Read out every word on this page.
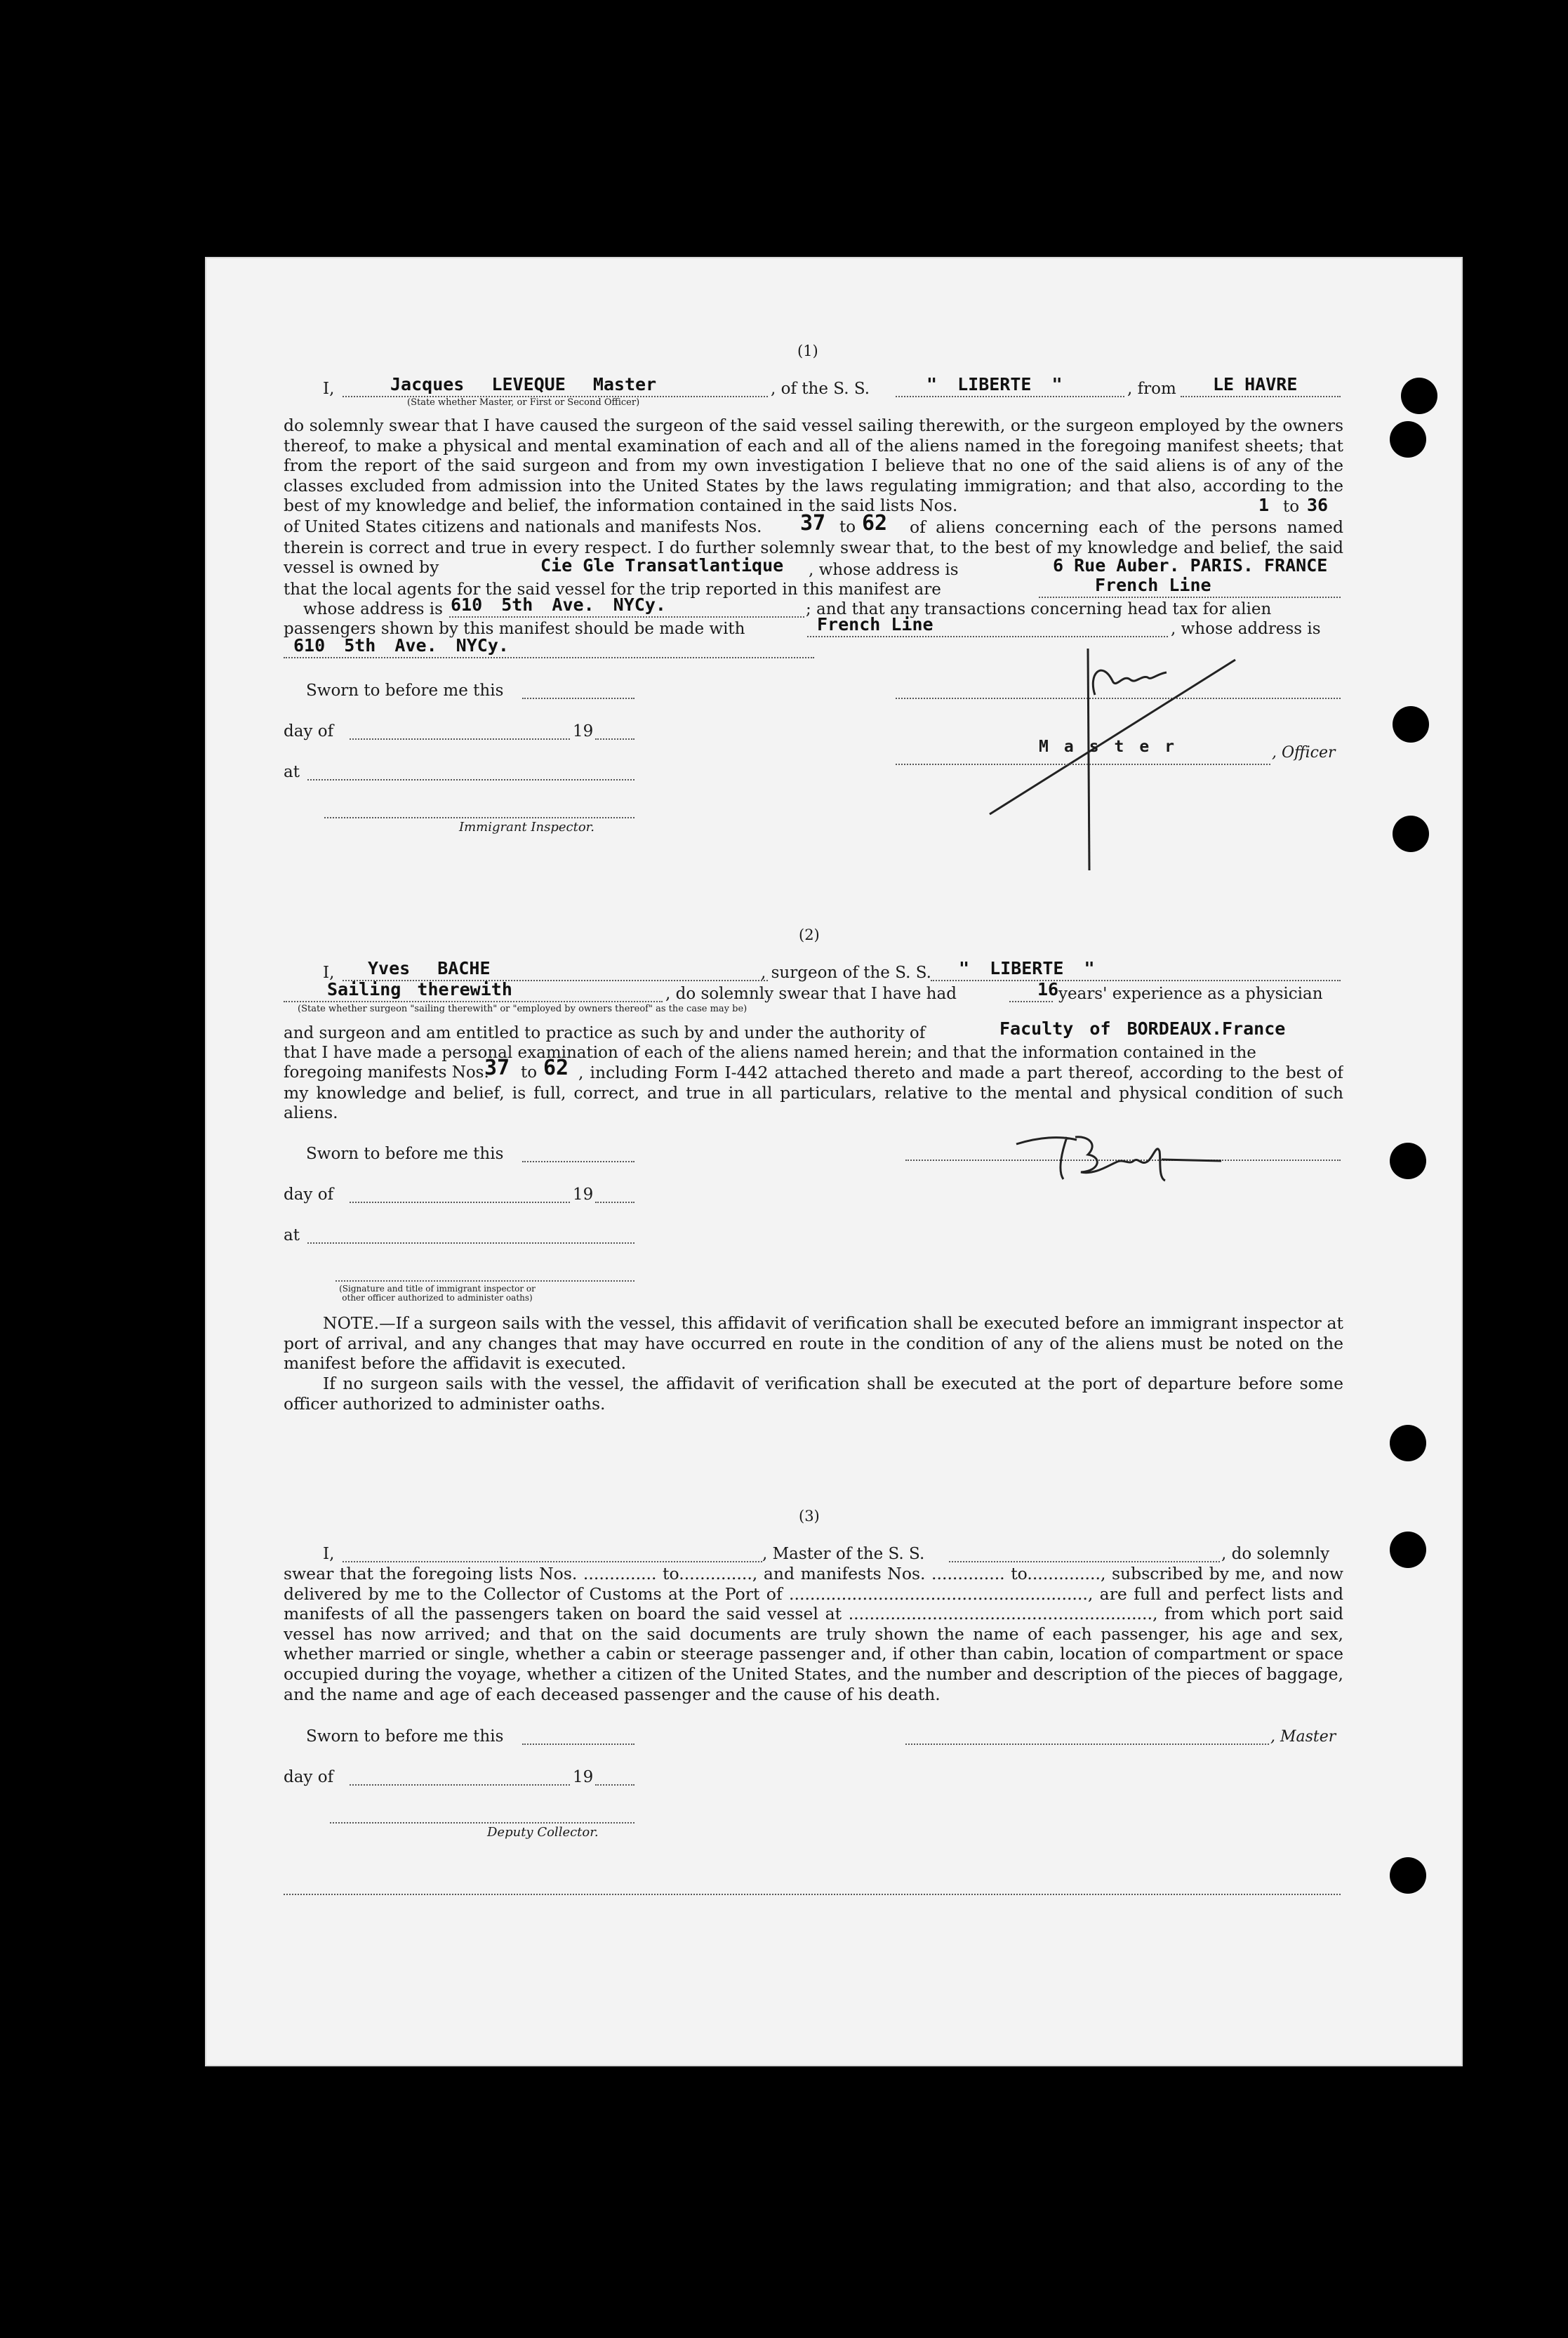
(1)
I,	Jacques LEVEQUE Master
(State whether Master, or First or Second Officer)
, of the S. S.	" LIBERTE "	, from LE HAVRE
do solemnly swear that I have caused the surgeon of the said vessel sailing therewith, or the surgeon employed by the owners thereof, to make a physical and mental examination of each and all of the aliens named in the foregoing manifest sheets; that from the report of the said surgeon and from my own investigation I believe that no one of the said aliens is of any of the classes excluded from admission into the United States by the laws regulating immigration; and that also, according to the best of my knowledge and belief, the information contained in the said lists Nos.	1 to 36
of United States citizens and nationals and manifests Nos. 37 to 62	of aliens concerning each of the persons named therein is correct and true in every respect. I do further solemnly swear that, to the best of my knowledge and belief, the said vessel is owned by	Cie Gle Transatlantique , whose address is	6 Rue Auber. PARIS. FRANCE
that the local agents for the said vessel for the trip reported in this manifest are	French Line
whose address is 610 5th Ave. NYCy.	; and that any transactions concerning head tax for alien
passengers shown by this manifest should be made with	French Line	, whose address is
610 5th Ave. NYCy.
Sworn to before me this
day of	19
at
Immigrant Inspector.
Master	, Officer
(2)
I, Yves BACHE	, surgeon of the S. S. " LIBERTE "
Sailing therewith
(State whether surgeon "sailing therewith" or "employed by owners thereof" as the case may be)
, do solemnly swear that I have had	16 years' experience as a physician
and surgeon and am entitled to practice as such by and under the authority of	Faculty of BORDEAUX.France
that I have made a personal examination of each of the aliens named herein; and that the information contained in the
foregoing manifests Nos.
37 to 62 , including Form I-442 attached thereto and made a part thereof, according to the best of my knowledge and belief, is full, correct, and true in all particulars, relative to the mental and physical condition of such aliens.
Sworn to before me this
day of	19
at
(Signature and title of immigrant inspector or other officer authorized to administer oaths)
NOTE.—If a surgeon sails with the vessel, this affidavit of verification shall be executed before an immigrant inspector at port of arrival, and any changes that may have occurred en route in the condition of any of the aliens must be noted on the manifest before the affidavit is executed.
If no surgeon sails with the vessel, the affidavit of verification shall be executed at the port of departure before some officer authorized to administer oaths.
(3)
I,	, Master of the S. S.	, do solemnly
swear that the foregoing lists Nos. .............. to.............., and manifests Nos. .............. to.............., subscribed by me, and now delivered by me to the Collector of Customs at the Port of ........................................................., are full and perfect lists and manifests of all the passengers taken on board the said vessel at .........................................................., from which port said vessel has now arrived; and that on the said documents are truly shown the name of each passenger, his age and sex, whether married or single, whether a cabin or steerage passenger and, if other than cabin, location of compartment or space occupied during the voyage, whether a citizen of the United States, and the number and description of the pieces of baggage, and the name and age of each deceased passenger and the cause of his death.
Sworn to before me this	, Master
day of	19
Deputy Collector.
